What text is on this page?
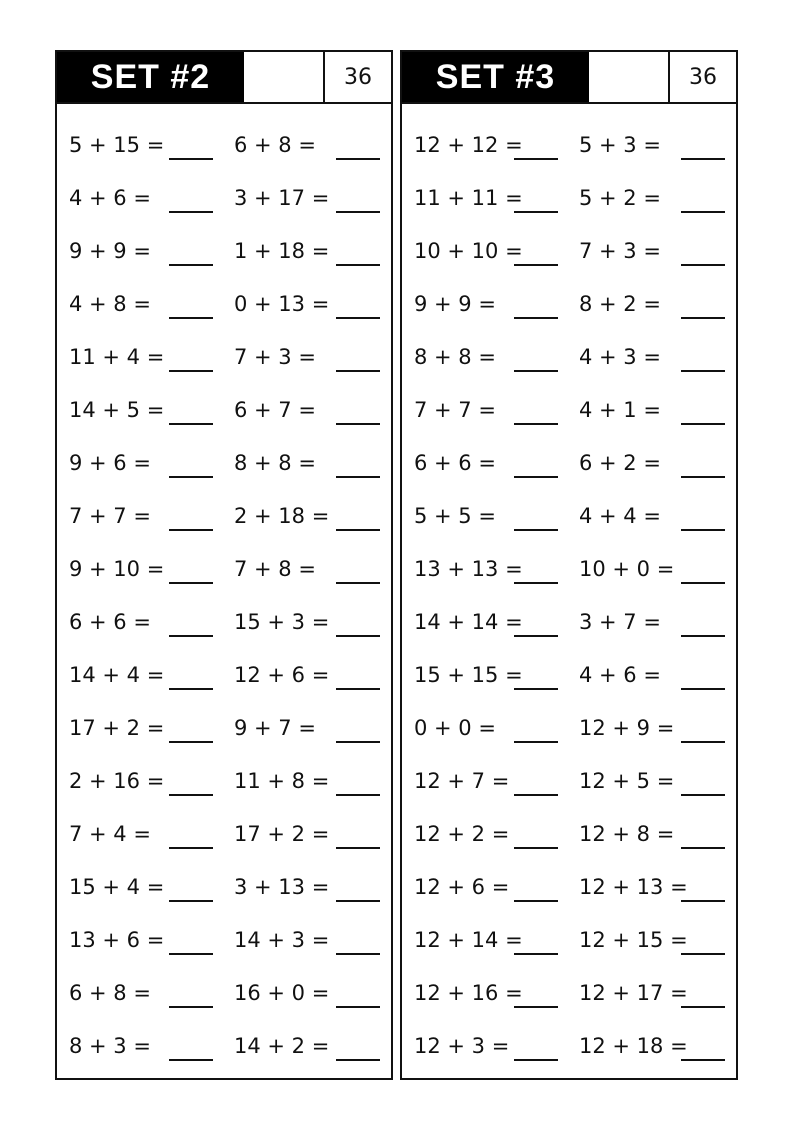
SET #2	36
5 + 15 =	6 + 8 =
4 + 6 =	3 + 17 =
9 + 9 =	1 + 18 =
4 + 8 =	0 + 13 =
11 + 4 =	7 + 3 =
14 + 5 =	6 + 7 =
9 + 6 =	8 + 8 =
7 + 7 =	2 + 18 =
9 + 10 =	7 + 8 =
6 + 6 =	15 + 3 =
14 + 4 =	12 + 6 =
17 + 2 =	9 + 7 =
2 + 16 =	11 + 8 =
7 + 4 =	17 + 2 =
15 + 4 =	3 + 13 =
13 + 6 =	14 + 3 =
6 + 8 =	16 + 0 =
8 + 3 =	14 + 2 =
SET #3	36
12 + 12 =	5 + 3 =
11 + 11 =	5 + 2 =
10 + 10 =	7 + 3 =
9 + 9 =	8 + 2 =
8 + 8 =	4 + 3 =
7 + 7 =	4 + 1 =
6 + 6 =	6 + 2 =
5 + 5 =	4 + 4 =
13 + 13 =	10 + 0 =
14 + 14 =	3 + 7 =
15 + 15 =	4 + 6 =
0 + 0 =	12 + 9 =
12 + 7 =	12 + 5 =
12 + 2 =	12 + 8 =
12 + 6 =	12 + 13 =
12 + 14 =	12 + 15 =
12 + 16 =	12 + 17 =
12 + 3 =	12 + 18 =
